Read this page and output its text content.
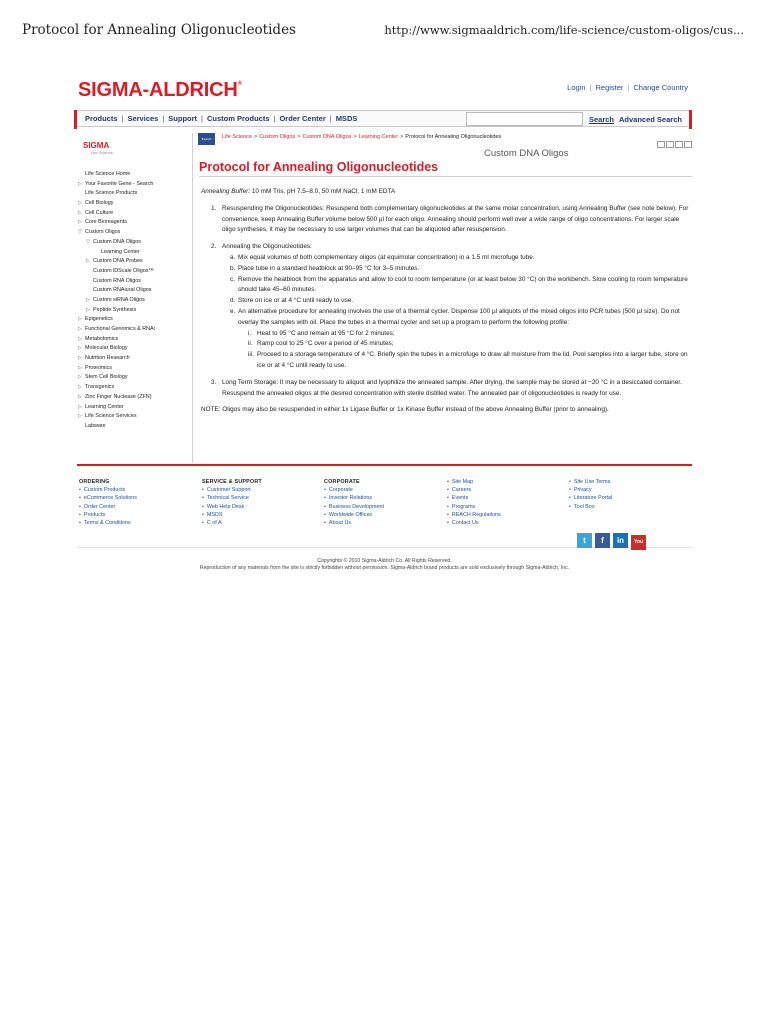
Protocol for Annealing Oligonucleotides	http://www.sigmaaldrich.com/life-science/custom-oligos/cus...
SIGMA-ALDRICH®	Login | Register | Change Country
Products | Services | Support | Custom Products | Order Center | MSDS	Search Advanced Search
SIGMA
Life Science
Life Science Home
▷ Your Favorite Gene - Search
Life Science Products
▷ Cell Biology
▷ Cell Culture
▷ Core Bioreagents
▽ Custom Oligos
▽ Custom DNA Oligos
Learning Center
▷ Custom DNA Probes
Custom lDScale Oligos™
Custom RNA Oligos
Custom RNAiural Oligos
▷ Custom siRNA Oligos
▷ Peptide Synthesis
▷ Epigenetics
▷ Functional Genomics & RNAi
▷ Metabolomics
▷ Molecular Biology
▷ Nutrition Research
▷ Proteomics
▷ Stem Cell Biology
▷ Transgenics
▷ Zinc Finger Nuclease (ZFN)
▷ Learning Center
▷ Life Science Services
Labware
Expert	Life Science > Custom Oligos > Custom DNA Oligos > Learning Center > Protocol for Annealing Oligonucleotides
Custom DNA Oligos
Protocol for Annealing Oligonucleotides
Annealing Buffer: 10 mM Tris, pH 7.5–8.0, 50 mM NaCl, 1 mM EDTA
1. Resuspending the Oligonucleotides: Resuspend both complementary oligonucleotides at the same molar concentration, using Annealing Buffer (see note below). For convenience, keep Annealing Buffer volume below 500 µl for each oligo. Annealing should perform well over a wide range of oligo concentrations. For larger scale oligo syntheses, it may be necessary to use larger volumes that can be aliquoted after resuspension.
2. Annealing the Oligonucleotides:
a. Mix equal volumes of both complementary oligos (at equimolar concentration) in a 1.5 ml microfuge tube.
b. Place tube in a standard heatblock at 90–95 °C for 3–5 minutes.
c. Remove the heatblock from the apparatus and allow to cool to room temperature (or at least below 30 °C) on the workbench. Slow cooling to room temperature should take 45–60 minutes.
d. Store on ice or at 4 °C until ready to use.
e. An alternative procedure for annealing involves the use of a thermal cycler. Dispense 100 µl aliquots of the mixed oligos into PCR tubes (500 µl size). Do not overlay the samples with oil. Place the tubes in a thermal cycler and set up a program to perform the following profile:
i. Heat to 95 °C and remain at 95 °C for 2 minutes;
ii. Ramp cool to 25 °C over a period of 45 minutes;
iii. Proceed to a storage temperature of 4 °C. Briefly spin the tubes in a microfuge to draw all moisture from the lid. Pool samples into a larger tube, store on ice or at 4 °C until ready to use.
3. Long Term Storage: It may be necessary to aliquot and lyophilize the annealed sample. After drying, the sample may be stored at −20 °C in a desiccated container. Resuspend the annealed oligos at the desired concentration with sterile distilled water. The annealed pair of oligonucleotides is ready for use.
NOTE: Oligos may also be resuspended in either 1x Ligase Buffer or 1x Kinase Buffer instead of the above Annealing Buffer (prior to annealing).
t f in You
ORDERING
• Custom Products
• eCommerce Solutions
• Order Center
• Products
• Terms & Conditions
SERVICE & SUPPORT
• Customer Support
• Technical Service
• Web Help Desk
• MSDS
• C of A
CORPORATE
• Corporate
• Investor Relations
• Business Development
• Worldwide Offices
• About Us
• Site Map
• Careers
• Events
• Programs
• REACH Regulations
• Contact Us
• Site Use Terms
• Privacy
• Literature Portal
• Tool Box
Copyrights © 2010 Sigma-Aldrich Co. All Rights Reserved.
Reproduction of any materials from the site is strictly forbidden without permission. Sigma-Aldrich brand products are sold exclusively through Sigma-Aldrich, Inc.
